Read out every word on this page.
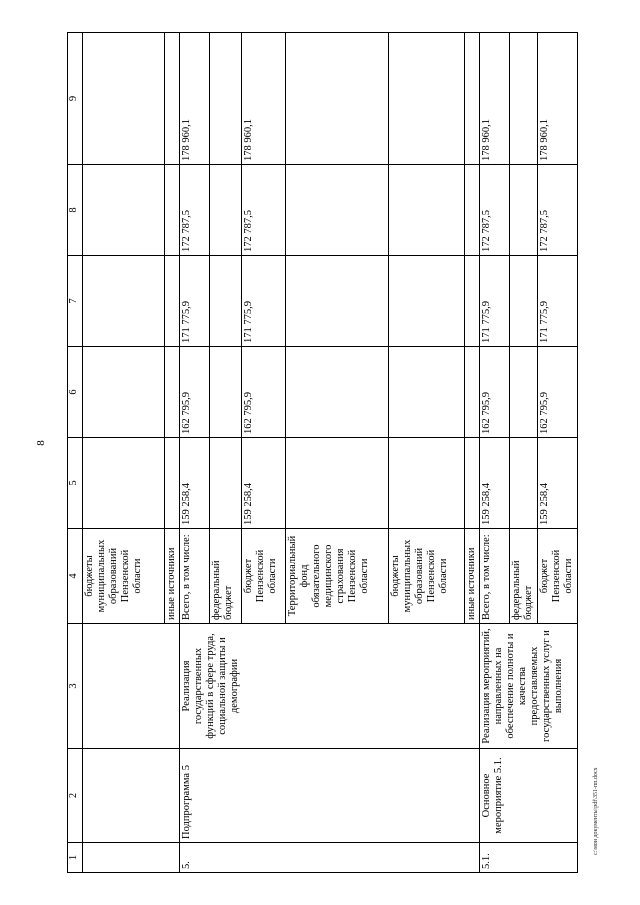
8
1	2	3	4	5	6	7	8	9
			бюджеты муниципальных образований Пензенской области					
			иные источники					
5.	Подпрограмма 5	Реализация государственных функций в сфере труда, социальной защиты и демографии	Всего, в том числе:	159 258,4	162 795,9	171 775,9	172 787,5	178 960,1
			федеральный бюджет					
			бюджет Пензенской области	159 258,4	162 795,9	171 775,9	172 787,5	178 960,1
			Территориальный фонд обязательного медицинского страхования Пензенской области					
			бюджеты муниципальных образований Пензенской области					
			иные источники					
5.1.	Основное мероприятие 5.1.	Реализация мероприятий, направленных на обеспечение полноты и качества предоставляемых государственных услуг и выполнения	Всего, в том числе:	159 258,4	162 795,9	171 775,9	172 787,5	178 960,1
			федеральный бюджет					
			бюджет Пензенской области	159 258,4	162 795,9	171 775,9	172 787,5	178 960,1
c:\мои документы\pdf\351-пп.docx
